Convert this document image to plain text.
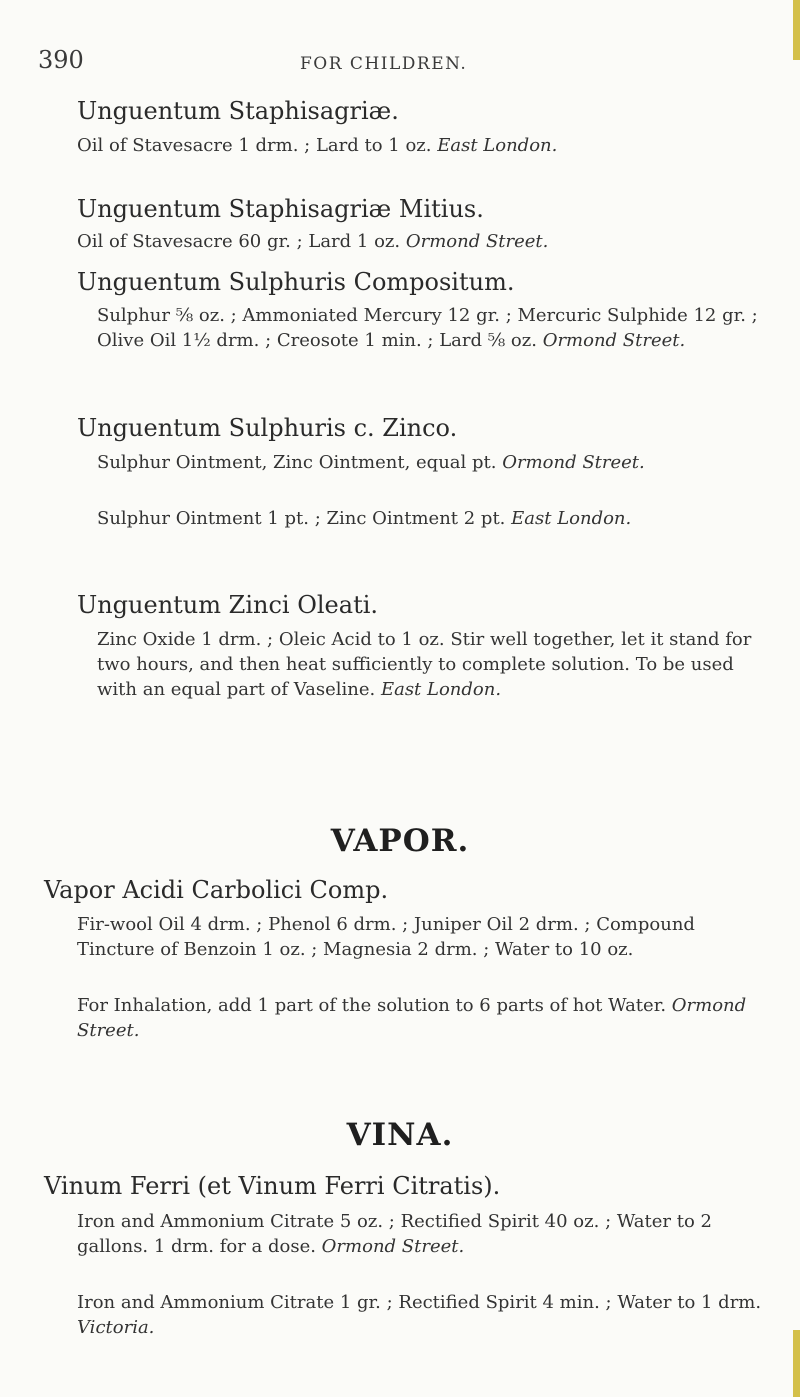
390	FOR CHILDREN.
Unguentum Staphisagriæ.

Oil of Stavesacre 1 drm. ; Lard to 1 oz. East London.

Unguentum Staphisagriæ Mitius.

Oil of Stavesacre 60 gr. ; Lard 1 oz. Ormond Street.

Unguentum Sulphuris Compositum.

Sulphur ⅝ oz. ; Ammoniated Mercury 12 gr. ; Mercuric Sulphide 12 gr. ; Olive Oil 1½ drm. ; Creosote 1 min. ; Lard ⅝ oz. Ormond Street.

Unguentum Sulphuris c. Zinco.

Sulphur Ointment, Zinc Ointment, equal pt. Ormond Street.

Sulphur Ointment 1 pt. ; Zinc Ointment 2 pt. East London.

Unguentum Zinci Oleati.

Zinc Oxide 1 drm. ; Oleic Acid to 1 oz. Stir well together, let it stand for two hours, and then heat sufficiently to complete solution. To be used with an equal part of Vaseline. East London.

VAPOR.
Vapor Acidi Carbolici Comp.

Fir-wool Oil 4 drm. ; Phenol 6 drm. ; Juniper Oil 2 drm. ; Compound Tincture of Benzoin 1 oz. ; Magnesia 2 drm. ; Water to 10 oz.

For Inhalation, add 1 part of the solution to 6 parts of hot Water. Ormond Street.

VINA.
Vinum Ferri (et Vinum Ferri Citratis).

Iron and Ammonium Citrate 5 oz. ; Rectified Spirit 40 oz. ; Water to 2 gallons. 1 drm. for a dose. Ormond Street.

Iron and Ammonium Citrate 1 gr. ; Rectified Spirit 4 min. ; Water to 1 drm. Victoria.
